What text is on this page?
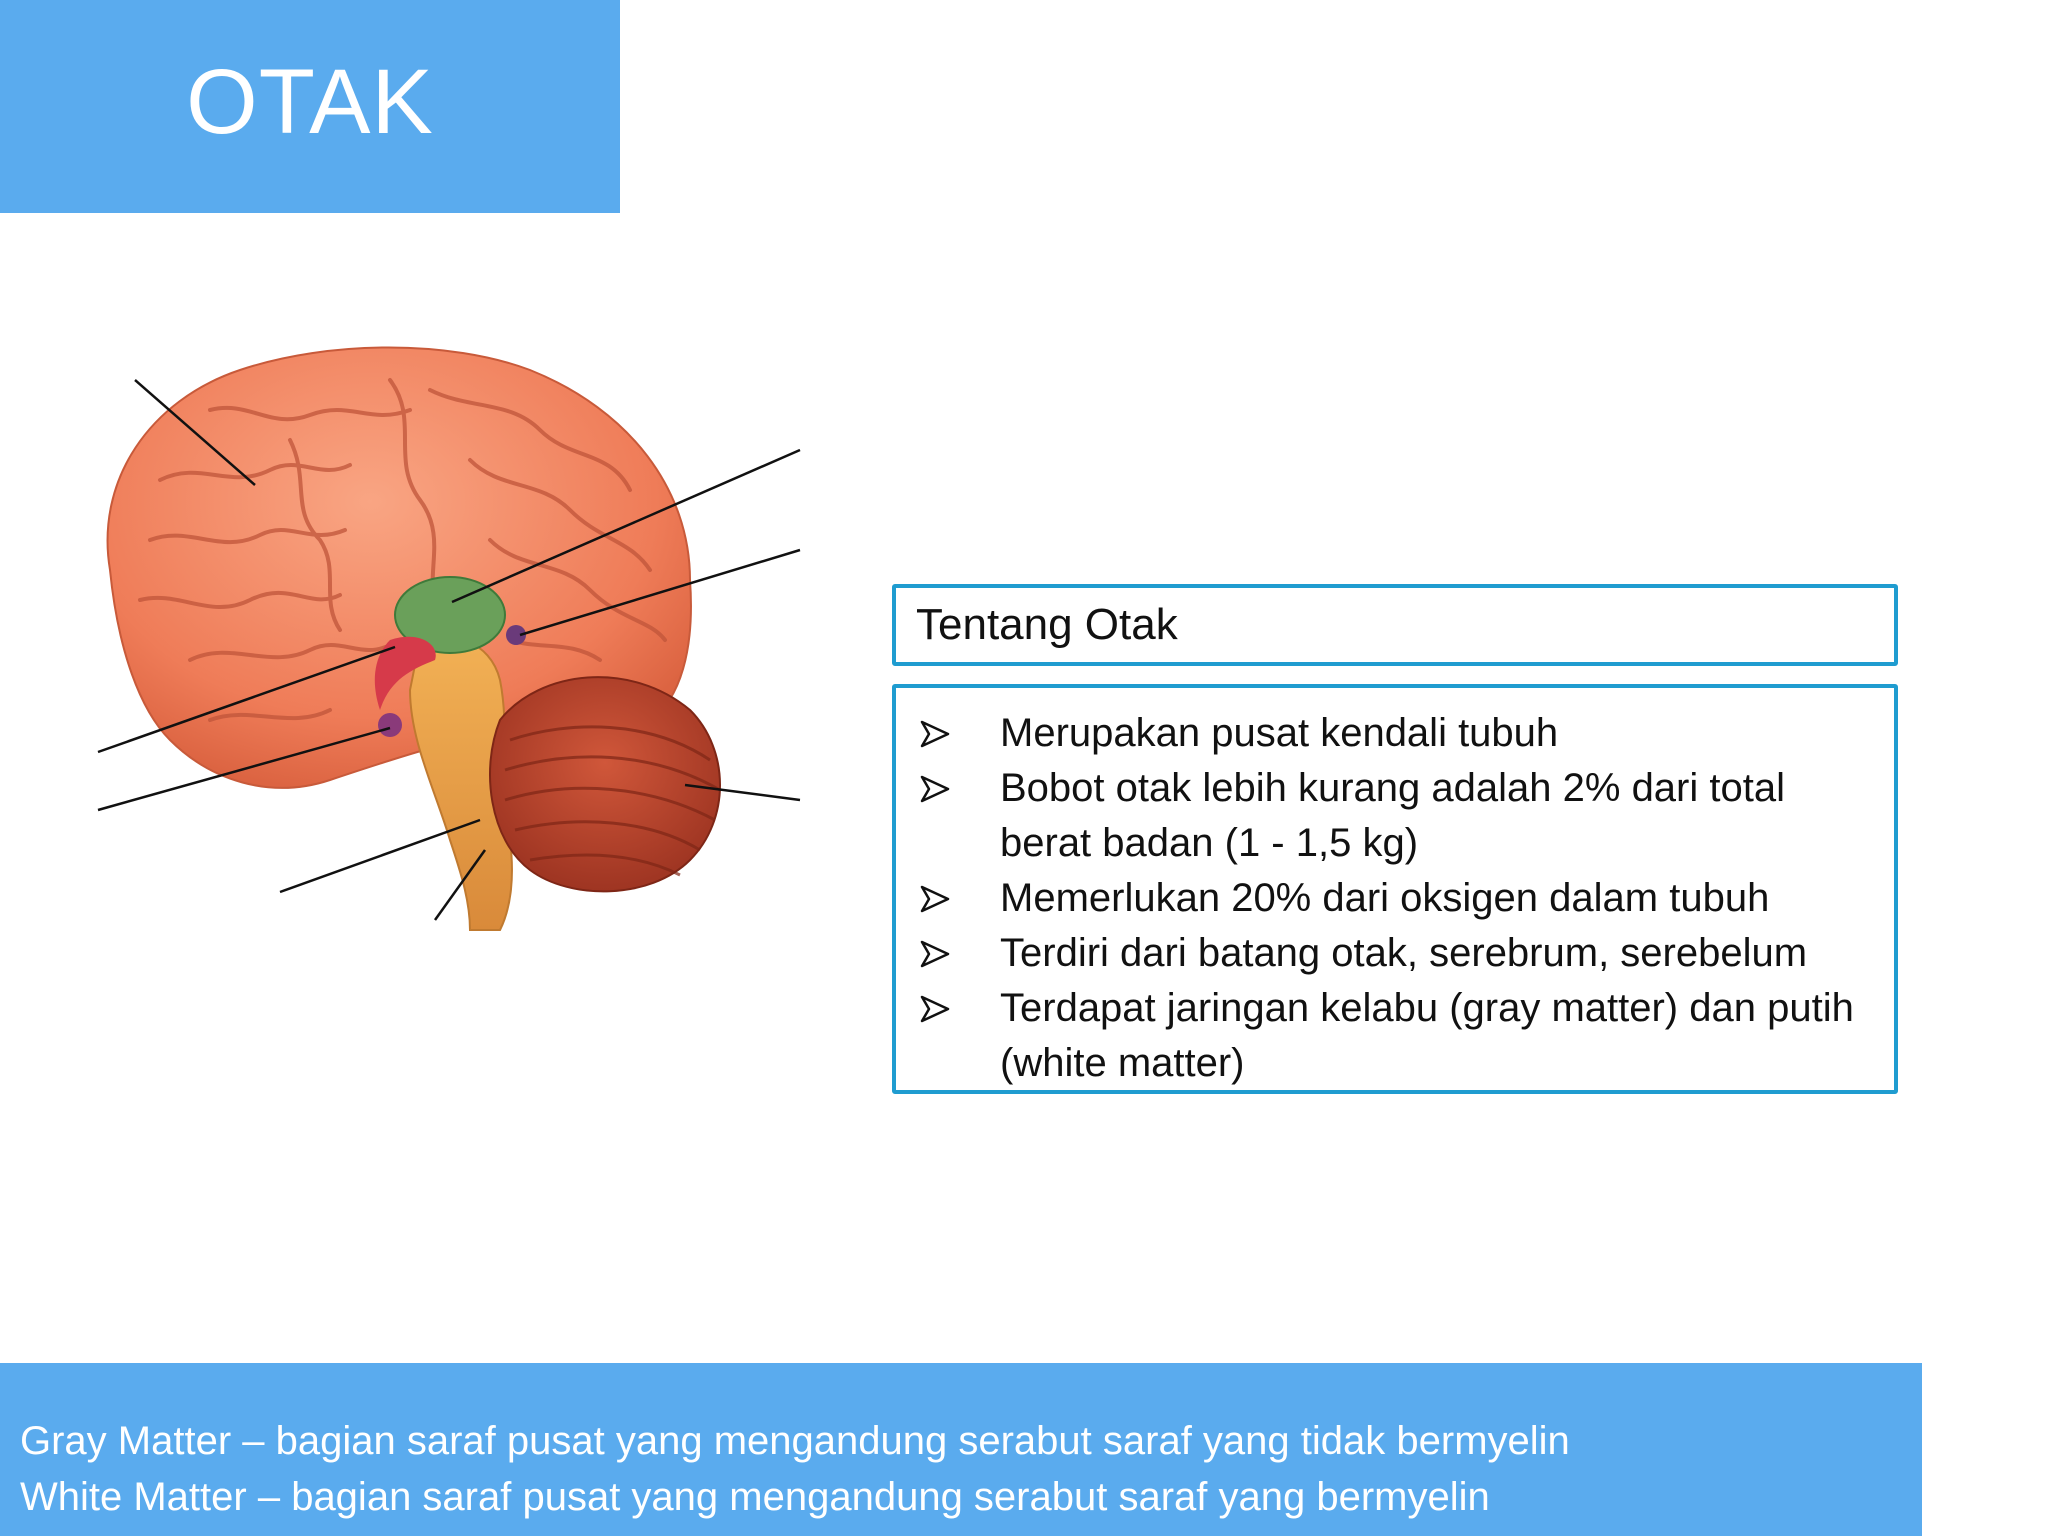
OTAK
Tentang Otak
Merupakan pusat kendali tubuh
Bobot otak lebih kurang adalah 2% dari total berat badan (1 - 1,5 kg)
Memerlukan 20% dari oksigen dalam tubuh
Terdiri dari batang otak, serebrum, serebelum
Terdapat jaringan kelabu (gray matter) dan putih (white matter)
Gray Matter – bagian saraf pusat yang mengandung serabut saraf yang tidak bermyelin
White Matter – bagian saraf pusat yang mengandung serabut saraf yang bermyelin
